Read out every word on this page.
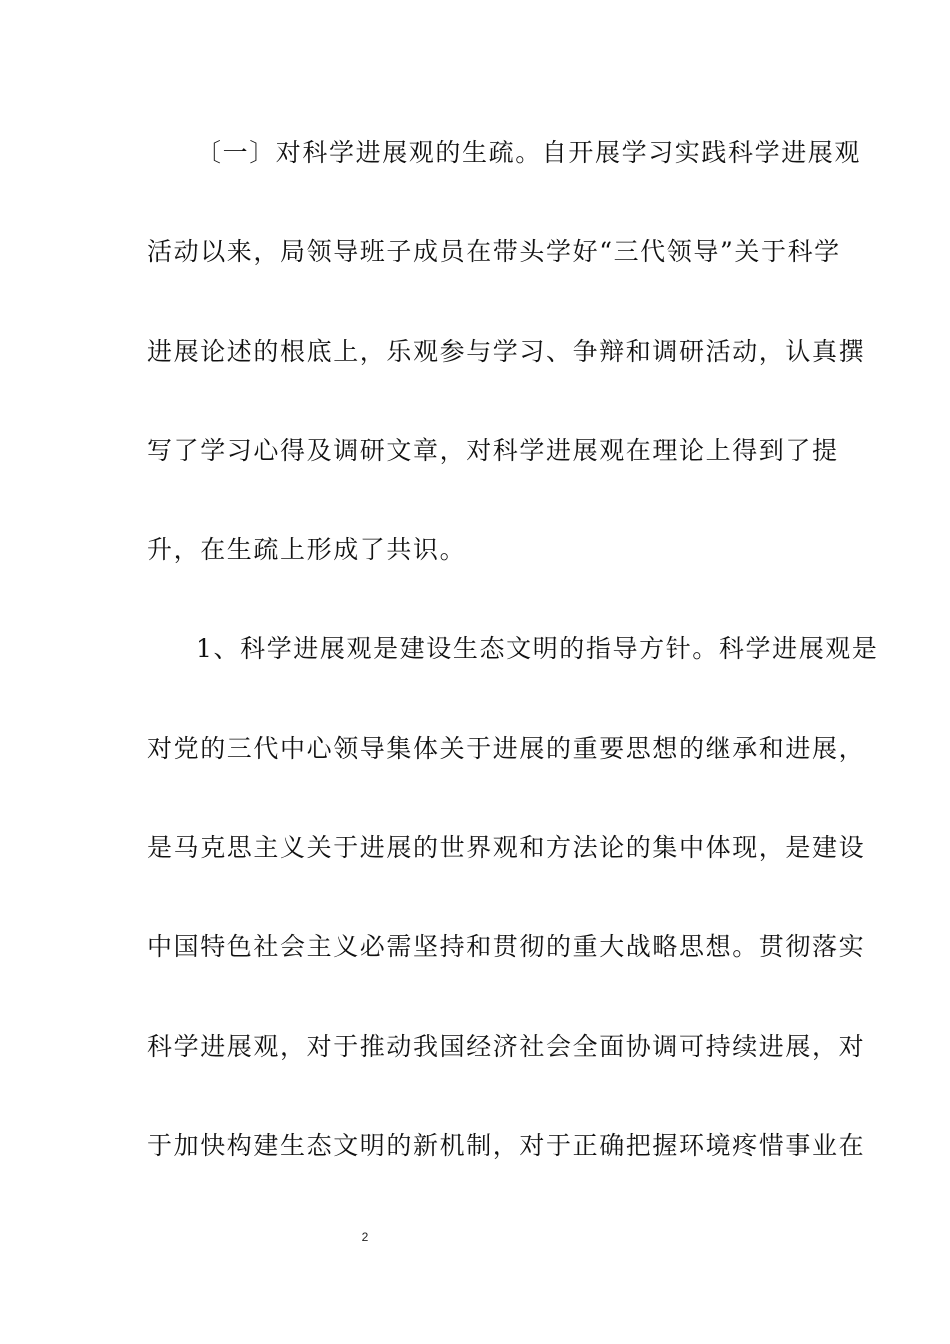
〔一〕对科学进展观的生疏。自开展学习实践科学进展观
活动以来，局领导班子成员在带头学好“三代领导”关于科学
进展论述的根底上，乐观参与学习、争辩和调研活动，认真撰
写了学习心得及调研文章，对科学进展观在理论上得到了提
升，在生疏上形成了共识。
1、科学进展观是建设生态文明的指导方针。科学进展观是
对党的三代中心领导集体关于进展的重要思想的继承和进展，
是马克思主义关于进展的世界观和方法论的集中体现，是建设
中国特色社会主义必需坚持和贯彻的重大战略思想。贯彻落实
科学进展观，对于推动我国经济社会全面协调可持续进展，对
于加快构建生态文明的新机制，对于正确把握环境疼惜事业在
2
